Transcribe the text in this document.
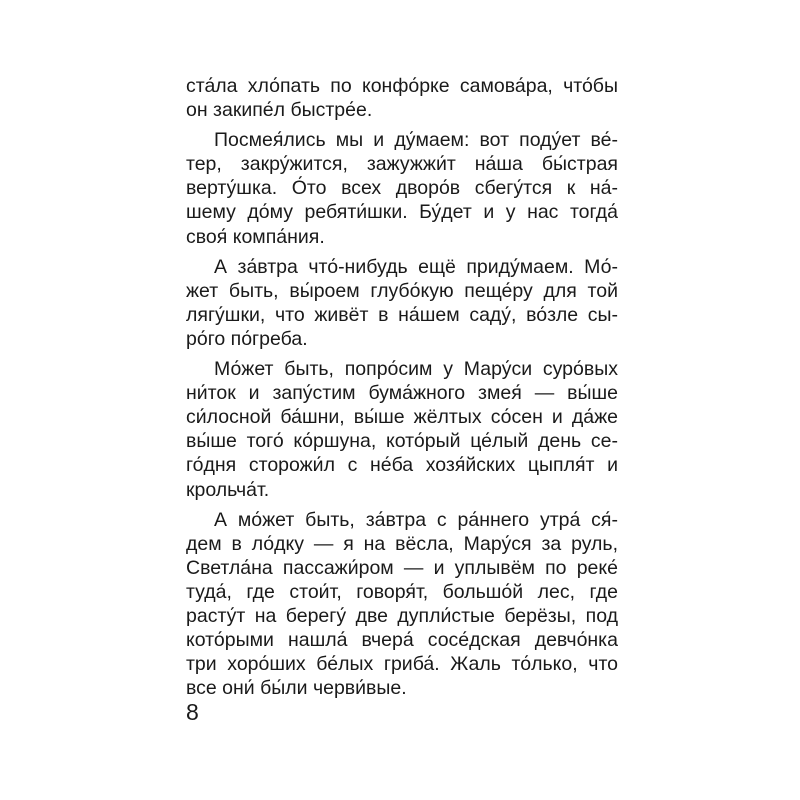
ста́ла хло́пать по конфо́рке самова́ра, что́бы
он закипе́л быстре́е.
Посмея́лись мы и ду́маем: вот поду́ет ве́-
тер, закру́жится, зажужжи́т на́ша бы́страя
верту́шка. О́то всех дворо́в сбегу́тся к на́-
шему до́му ребяти́шки. Бу́дет и у нас тогда́
своя́ компа́ния.
А за́втра что́-нибудь ещё приду́маем. Мо́-
жет быть, вы́роем глубо́кую пеще́ру для той
лягу́шки, что живёт в на́шем саду́, во́зле сы-
ро́го по́греба.
Мо́жет быть, попро́сим у Мару́си суро́вых
ни́ток и запу́стим бума́жного змея́ — вы́ше
си́лосной ба́шни, вы́ше жёлтых со́сен и да́же
вы́ше того́ ко́ршуна, кото́рый це́лый день се-
го́дня сторожи́л с не́ба хозя́йских цыпля́т и
крольча́т.
А мо́жет быть, за́втра с ра́ннего утра́ ся́-
дем в ло́дку — я на вёсла, Мару́ся за руль,
Светла́на пассажи́ром — и уплывём по реке́
туда́, где стои́т, говоря́т, большо́й лес, где
расту́т на берегу́ две дупли́стые берёзы, под
кото́рыми нашла́ вчера́ сосе́дская девчо́нка
три хоро́ших бе́лых гриба́. Жаль то́лько, что
все они́ бы́ли черви́вые.
8
